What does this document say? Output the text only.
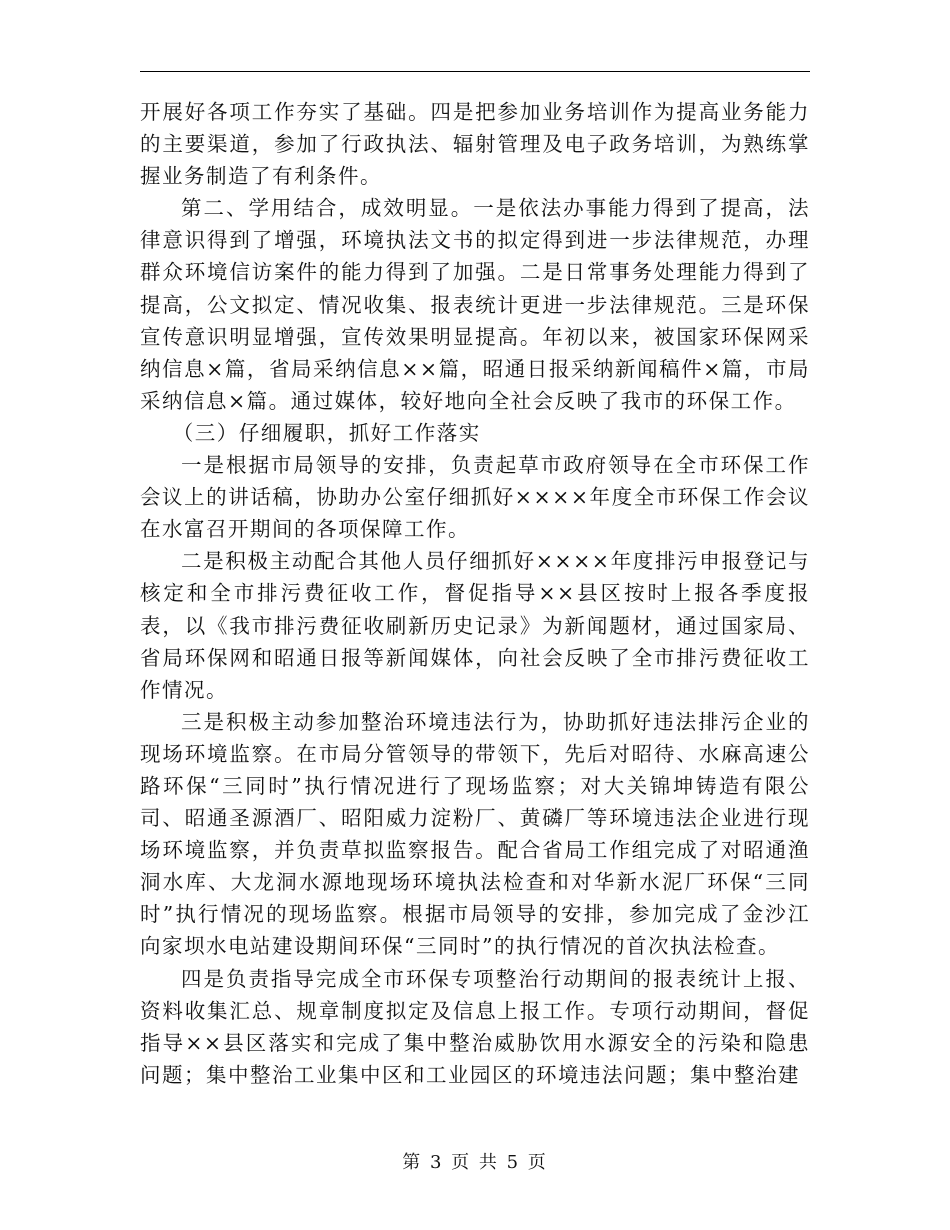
开展好各项工作夯实了基础。四是把参加业务培训作为提高业务能力的主要渠道，参加了行政执法、辐射管理及电子政务培训，为熟练掌握业务制造了有利条件。

第二、学用结合，成效明显。一是依法办事能力得到了提高，法律意识得到了增强，环境执法文书的拟定得到进一步法律规范，办理群众环境信访案件的能力得到了加强。二是日常事务处理能力得到了提高，公文拟定、情况收集、报表统计更进一步法律规范。三是环保宣传意识明显增强，宣传效果明显提高。年初以来，被国家环保网采纳信息×篇，省局采纳信息××篇，昭通日报采纳新闻稿件×篇，市局采纳信息×篇。通过媒体，较好地向全社会反映了我市的环保工作。

（三）仔细履职，抓好工作落实

一是根据市局领导的安排，负责起草市政府领导在全市环保工作会议上的讲话稿，协助办公室仔细抓好××××年度全市环保工作会议在水富召开期间的各项保障工作。

二是积极主动配合其他人员仔细抓好××××年度排污申报登记与核定和全市排污费征收工作，督促指导××县区按时上报各季度报表，以《我市排污费征收刷新历史记录》为新闻题材，通过国家局、省局环保网和昭通日报等新闻媒体，向社会反映了全市排污费征收工作情况。

三是积极主动参加整治环境违法行为，协助抓好违法排污企业的现场环境监察。在市局分管领导的带领下，先后对昭待、水麻高速公路环保“三同时”执行情况进行了现场监察；对大关锦坤铸造有限公司、昭通圣源酒厂、昭阳威力淀粉厂、黄磷厂等环境违法企业进行现场环境监察，并负责草拟监察报告。配合省局工作组完成了对昭通渔洞水库、大龙洞水源地现场环境执法检查和对华新水泥厂环保“三同时”执行情况的现场监察。根据市局领导的安排，参加完成了金沙江向家坝水电站建设期间环保“三同时”的执行情况的首次执法检查。

四是负责指导完成全市环保专项整治行动期间的报表统计上报、资料收集汇总、规章制度拟定及信息上报工作。专项行动期间，督促指导××县区落实和完成了集中整治威胁饮用水源安全的污染和隐患问题；集中整治工业集中区和工业园区的环境违法问题；集中整治建

第 3 页 共 5 页
